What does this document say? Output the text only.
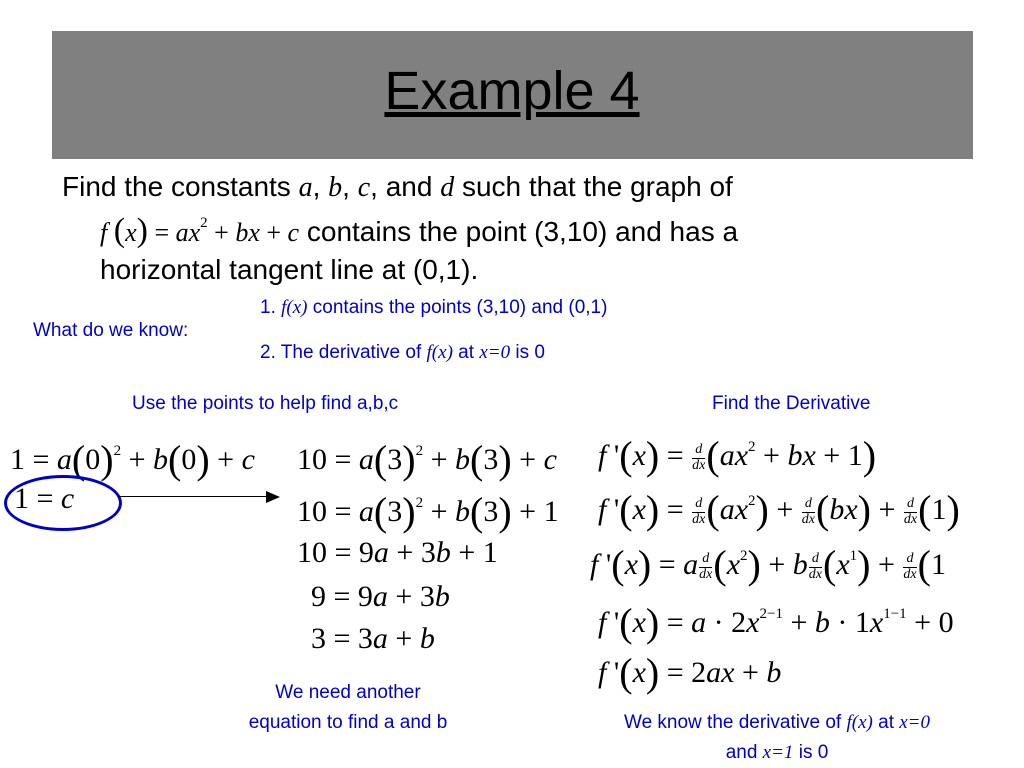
Example 4
Find the constants a, b, c, and d such that the graph of
f $(x) = ax^2$ + bx + c contains the point (3,10) and has a
horizontal tangent line at (0,1).
What do we know:
1. f(x) contains the points (3,10) and (0,1)
2. The derivative of f(x) at x=0 is 0
Use the points to help find a,b,c	Find the Derivative
$1 = a(0)^2 + b(0) + c$
1 = c
$10 = a(3)^2 + b(3) + c$
$10 = a(3)^2 + b(3) + 1$
10 = 9a + 3b + 1
9 = 9a + 3b
3 = 3a + b
We need another
equation to find a and b
f '$(x) = \frac{d}{dx} (ax^2$ + bx + 1)
f '$(x) = \frac{d}{dx} (ax^2) + \frac{d}{dx} (bx) + \frac{d}{dx} (1)$
f '(x) = a $\frac{d}{dx} (x^2) + b \frac{d}{dx} (x^1) + \frac{d}{dx} (1$
f '$(x) = a \cdot 2x^{2-1} + b \cdot 1x^{1-1} + 0$
f '(x) = 2ax + b
We know the derivative of f(x) at x=0
and x=1 is 0
